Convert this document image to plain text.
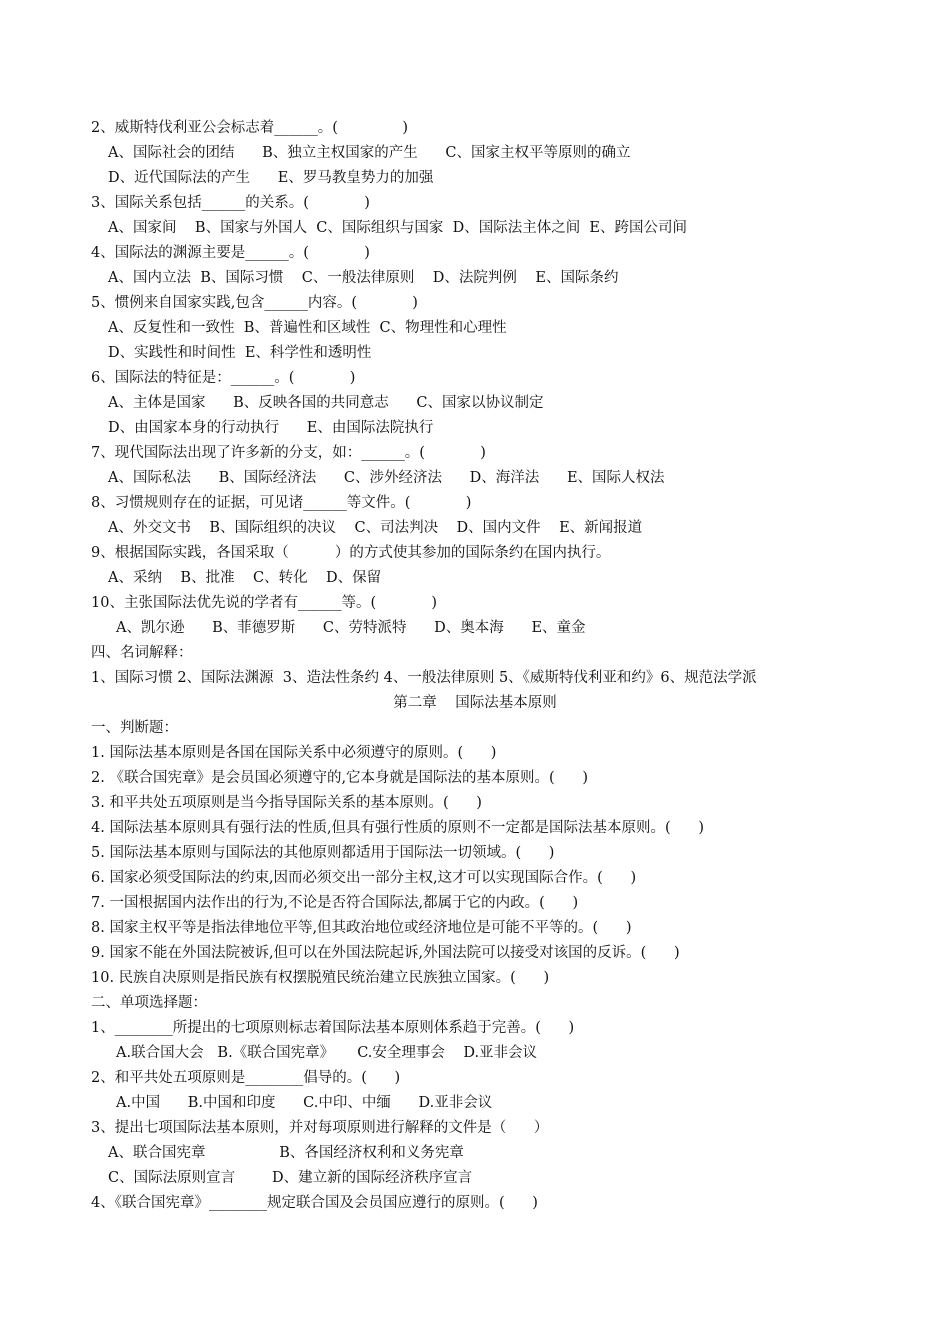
2、威斯特伐利亚公会标志着______。(              )
A、国际社会的团结      B、独立主权国家的产生      C、国家主权平等原则的确立
D、近代国际法的产生      E、罗马教皇势力的加强
3、国际关系包括______的关系。(            )
A、国家间    B、国家与外国人  C、国际组织与国家  D、国际法主体之间  E、跨国公司间
4、国际法的渊源主要是______。(            )
A、国内立法  B、国际习惯    C、一般法律原则    D、法院判例    E、国际条约
5、惯例来自国家实践,包含______内容。(            )
A、反复性和一致性  B、普遍性和区域性  C、物理性和心理性
D、实践性和时间性  E、科学性和透明性
6、国际法的特征是：______。(            )
A、主体是国家      B、反映各国的共同意志      C、国家以协议制定
D、由国家本身的行动执行      E、由国际法院执行
7、现代国际法出现了许多新的分支，如：______。(            )
A、国际私法      B、国际经济法      C、涉外经济法      D、海洋法      E、国际人权法
8、习惯规则存在的证据，可见诸______等文件。(            )
A、外交文书    B、国际组织的决议    C、司法判决    D、国内文件    E、新闻报道
9、根据国际实践，各国采取（          ）的方式使其参加的国际条约在国内执行。
A、采纳    B、批准    C、转化    D、保留
10、主张国际法优先说的学者有______等。(            )
A、凯尔逊      B、菲德罗斯      C、劳特派特      D、奥本海      E、童金
四、名词解释：
1、国际习惯 2、国际法渊源  3、造法性条约 4、一般法律原则 5、《威斯特伐利亚和约》6、规范法学派
第二章    国际法基本原则
一、判断题：
1. 国际法基本原则是各国在国际关系中必须遵守的原则。(      )
2. 《联合国宪章》是会员国必须遵守的,它本身就是国际法的基本原则。(      )
3. 和平共处五项原则是当今指导国际关系的基本原则。(      )
4. 国际法基本原则具有强行法的性质,但具有强行性质的原则不一定都是国际法基本原则。(      )
5. 国际法基本原则与国际法的其他原则都适用于国际法一切领域。(      )
6. 国家必须受国际法的约束,因而必须交出一部分主权,这才可以实现国际合作。(      )
7. 一国根据国内法作出的行为,不论是否符合国际法,都属于它的内政。(      )
8. 国家主权平等是指法律地位平等,但其政治地位或经济地位是可能不平等的。(      )
9. 国家不能在外国法院被诉,但可以在外国法院起诉,外国法院可以接受对该国的反诉。(      )
10. 民族自决原则是指民族有权摆脱殖民统治建立民族独立国家。(      )
二、单项选择题：
1、________所提出的七项原则标志着国际法基本原则体系趋于完善。(      )
A.联合国大会   B.《联合国宪章》     C.安全理事会    D.亚非会议
2、和平共处五项原则是________倡导的。(      )
A.中国      B.中国和印度      C.中印、中缅      D.亚非会议
3、提出七项国际法基本原则，并对每项原则进行解释的文件是（      ）
A、联合国宪章                B、各国经济权利和义务宪章
C、国际法原则宣言        D、建立新的国际经济秩序宣言
4、《联合国宪章》________规定联合国及会员国应遵行的原则。(      )
